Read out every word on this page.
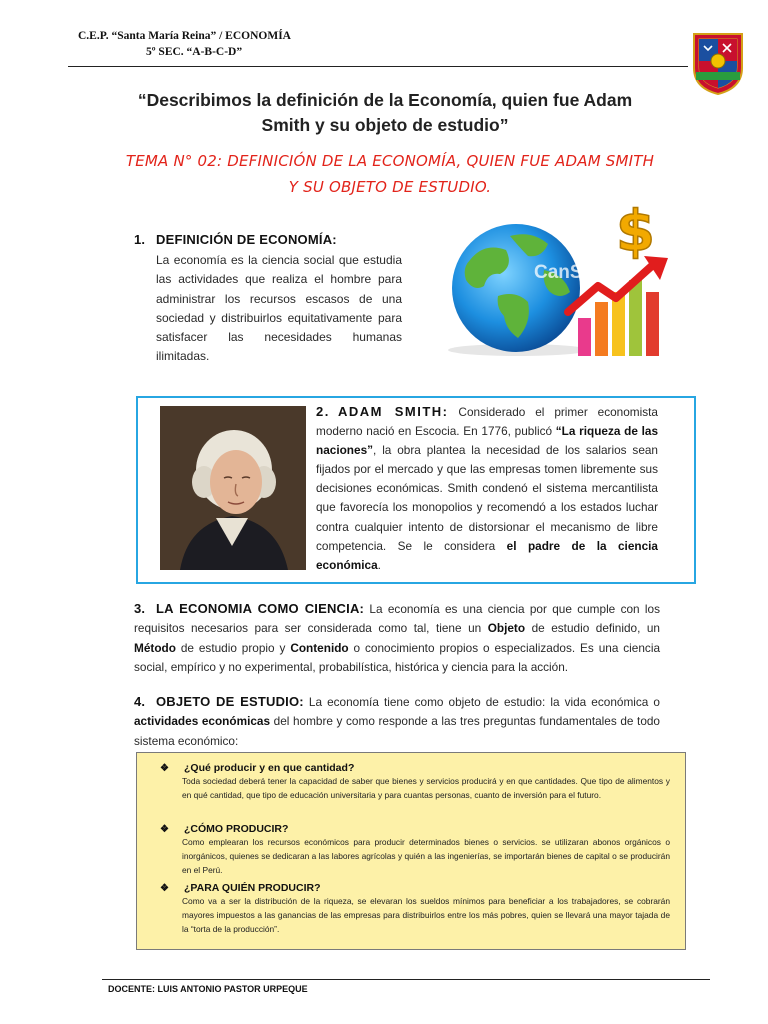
C.E.P. “Santa María Reina” / ECONOMÍA
5º SEC. “A-B-C-D”
“Describimos la definición de la Economía, quien fue Adam
Smith y su objeto de estudio”
TEMA N° 02: DEFINICIÓN DE LA ECONOMÍA, QUIEN FUE ADAM SMITH
Y SU OBJETO DE ESTUDIO.
1. DEFINICIÓN DE ECONOMÍA:
La economía es la ciencia social que estudia las actividades que realiza el hombre para administrar los recursos escasos de una sociedad y distribuirlos equitativamente para satisfacer las necesidades humanas ilimitadas.
CanStock
$
2. ADAM SMITH: Considerado el primer economista moderno nació en Escocia. En 1776, publicó “La riqueza de las naciones”, la obra plantea la necesidad de los salarios sean fijados por el mercado y que las empresas tomen libremente sus decisiones económicas. Smith condenó el sistema mercantilista que favorecía los monopolios y recomendó a los estados luchar contra cualquier intento de distorsionar el mecanismo de libre competencia. Se le considera el padre de la ciencia económica.
3. LA ECONOMIA COMO CIENCIA: La economía es una ciencia por que cumple con los requisitos necesarios para ser considerada como tal, tiene un Objeto de estudio definido, un Método de estudio propio y Contenido o conocimiento propios o especializados. Es una ciencia social, empírico y no experimental, probabilística, histórica y ciencia para la acción.
4. OBJETO DE ESTUDIO: La economía tiene como objeto de estudio: la vida económica o actividades económicas del hombre y como responde a las tres preguntas fundamentales de todo sistema económico:
❖ ¿Qué producir y en que cantidad?
Toda sociedad deberá tener la capacidad de saber que bienes y servicios producirá y en que cantidades. Que tipo de alimentos y en qué cantidad, que tipo de educación universitaria y para cuantas personas, cuanto de inversión para el futuro.
❖ ¿CÓMO PRODUCIR?
Como emplearan los recursos económicos para producir determinados bienes o servicios. se utilizaran abonos orgánicos o inorgánicos, quienes se dedicaran a las labores agrícolas y quién a las ingenierías, se importarán bienes de capital o se producirán en el Perú.
❖ ¿PARA QUIÉN PRODUCIR?
Como va a ser la distribución de la riqueza, se elevaran los sueldos mínimos para beneficiar a los trabajadores, se cobrarán mayores impuestos a las ganancias de las empresas para distribuirlos entre los más pobres, quien se llevará una mayor tajada de la “torta de la producción”.
DOCENTE: LUIS ANTONIO PASTOR URPEQUE
